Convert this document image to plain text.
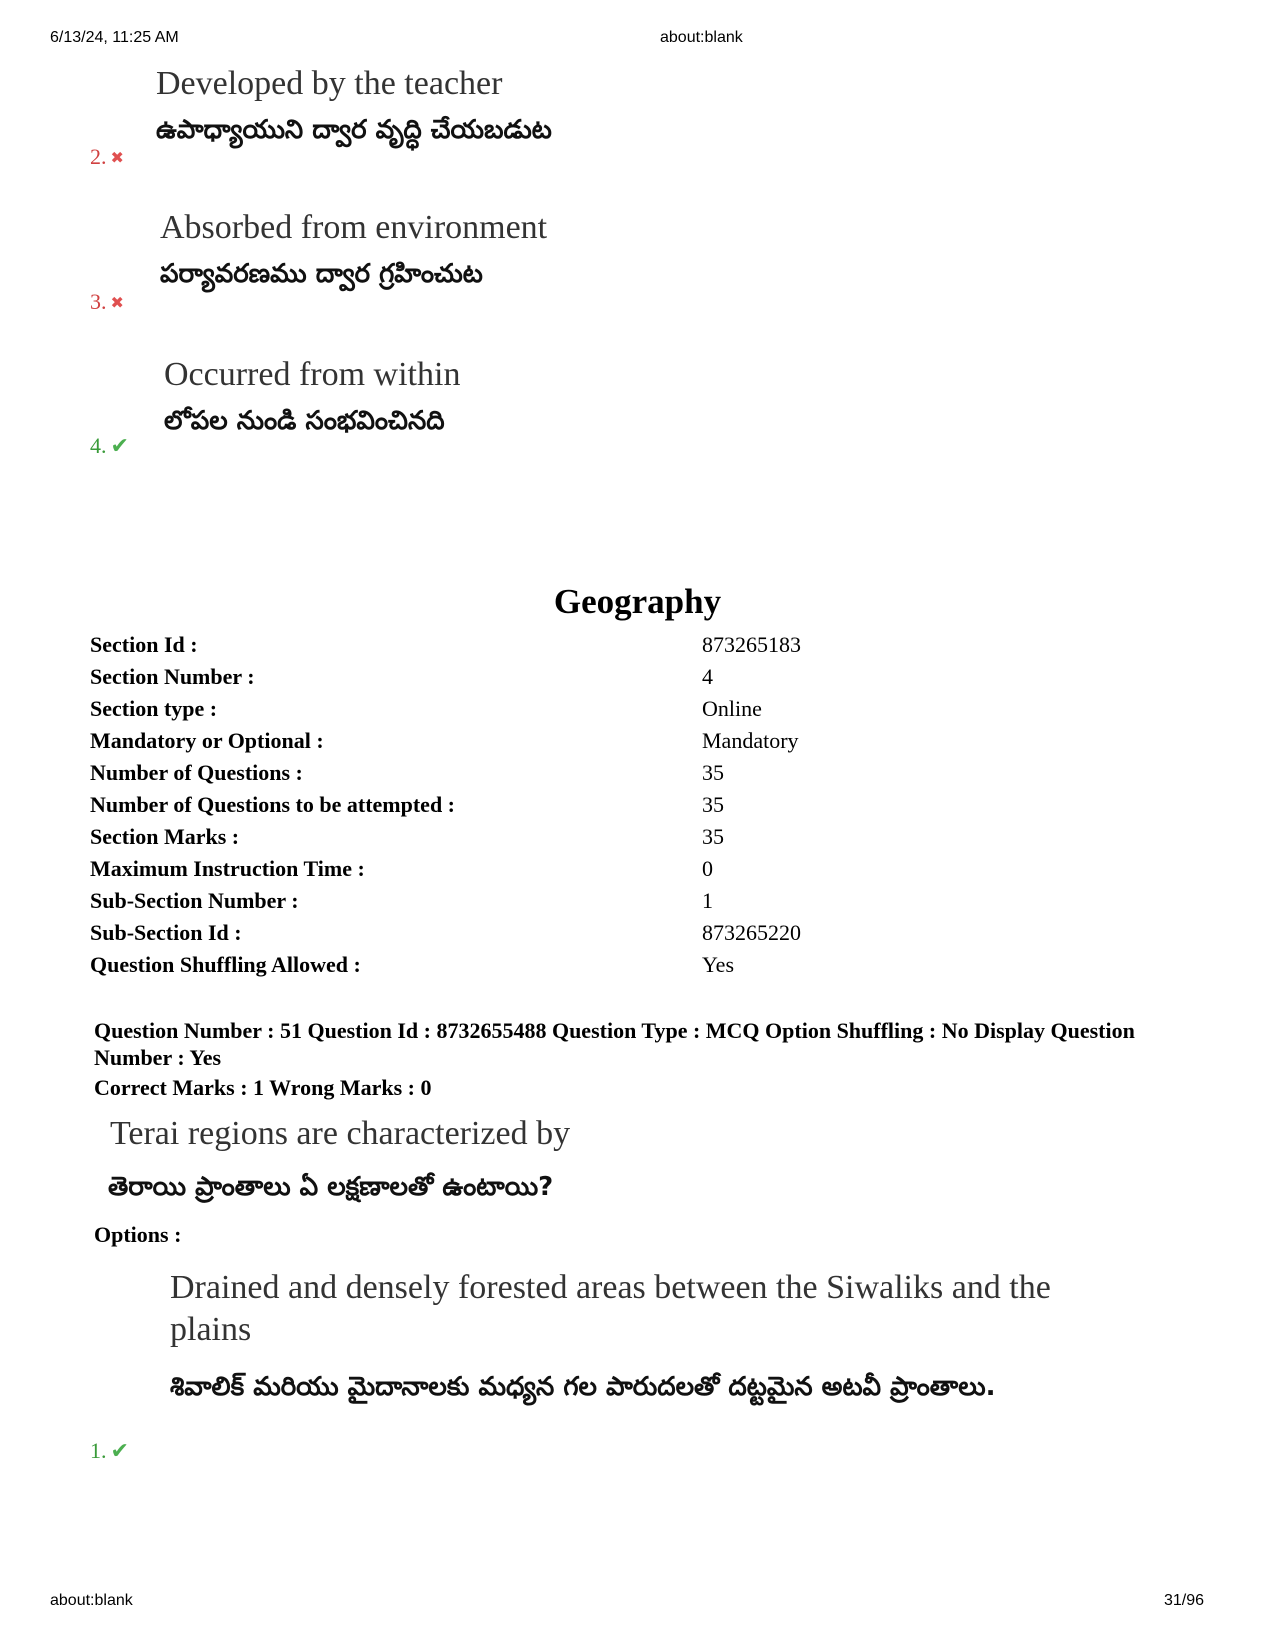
6/13/24, 11:25 AM	about:blank
Developed by the teacher
ఉపాధ్యాయుని ద్వార వృద్ధి చేయబడుట
2. ✖
Absorbed from environment
పర్యావరణము ద్వార గ్రహించుట
3. ✖
Occurred from within
లోపల నుండి సంభవించినది
4. ✔
Geography
Section Id :	873265183
Section Number :	4
Section type :	Online
Mandatory or Optional :	Mandatory
Number of Questions :	35
Number of Questions to be attempted :	35
Section Marks :	35
Maximum Instruction Time :	0
Sub-Section Number :	1
Sub-Section Id :	873265220
Question Shuffling Allowed :	Yes
Question Number : 51 Question Id : 8732655488 Question Type : MCQ Option Shuffling : No Display Question Number : Yes
Correct Marks : 1 Wrong Marks : 0
Terai regions are characterized by
తెరాయి ప్రాంతాలు ఏ లక్షణాలతో ఉంటాయి?
Options :
Drained and densely forested areas between the Siwaliks and the plains
శివాలిక్ మరియు మైదానాలకు మధ్యన గల పారుదలతో దట్టమైన అటవీ ప్రాంతాలు.
1. ✔
about:blank	31/96
